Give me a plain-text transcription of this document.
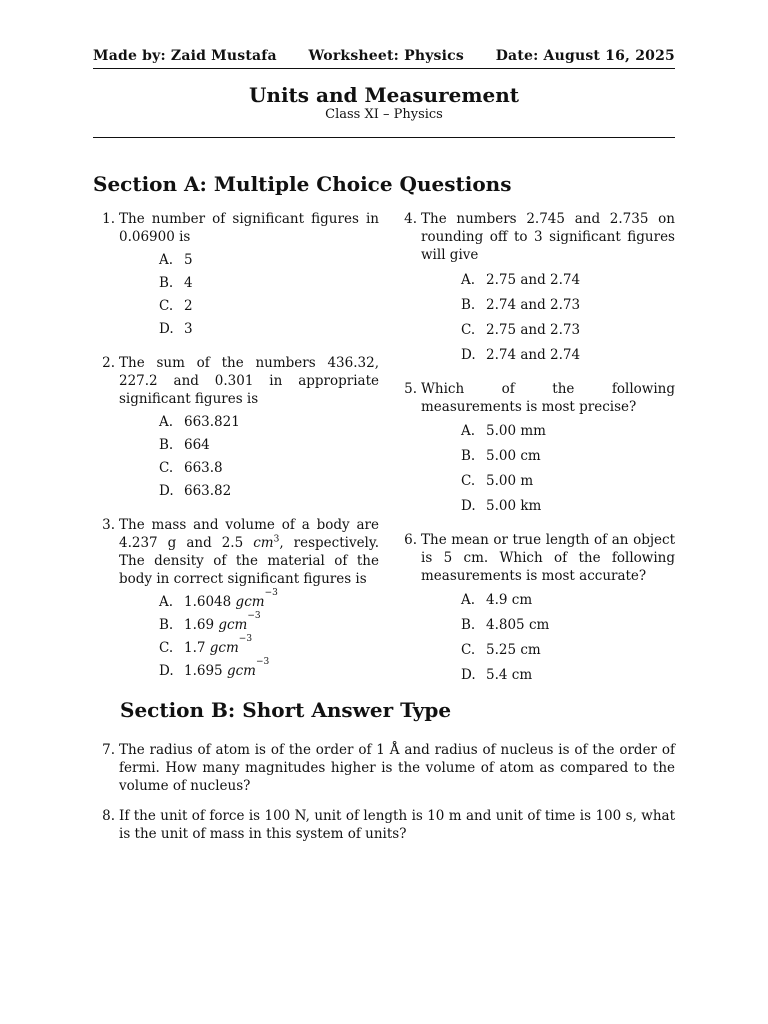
Made by: Zaid Mustafa Worksheet: Physics Date: August 16, 2025
Units and Measurement
Class XI – Physics
Section A: Multiple Choice Questions
1. The number of significant figures in 0.06900 is
A. 5
B. 4
C. 2
D. 3
2. The sum of the numbers 436.32, 227.2 and 0.301 in appropriate significant figures is
A. 663.821
B. 664
C. 663.8
D. 663.82
3. The mass and volume of a body are 4.237 g and 2.5 $cm^3$, respectively. The density of the material of the body in correct significant figures is
A. 1.6048
gcm
−3
B. 1.69
gcm
−3
C. 1.7
gcm
−3
D. 1.695
gcm
−3
4. The numbers 2.745 and 2.735 on rounding off to 3 significant figures will give
A. 2.75 and 2.74
B. 2.74 and 2.73
C. 2.75 and 2.73
D. 2.74 and 2.74
5. Which of the following measurements is most precise?
A. 5.00 mm
B. 5.00 cm
C. 5.00 m
D. 5.00 km
6. The mean or true length of an object is 5 cm. Which of the following measurements is most accurate?
A. 4.9 cm
B. 4.805 cm
C. 5.25 cm
D. 5.4 cm
Section B: Short Answer Type
7. The radius of atom is of the order of 1 Å and radius of nucleus is of the order of fermi. How many magnitudes higher is the volume of atom as compared to the volume of nucleus?
8. If the unit of force is 100 N, unit of length is 10 m and unit of time is 100 s, what is the unit of mass in this system of units?
